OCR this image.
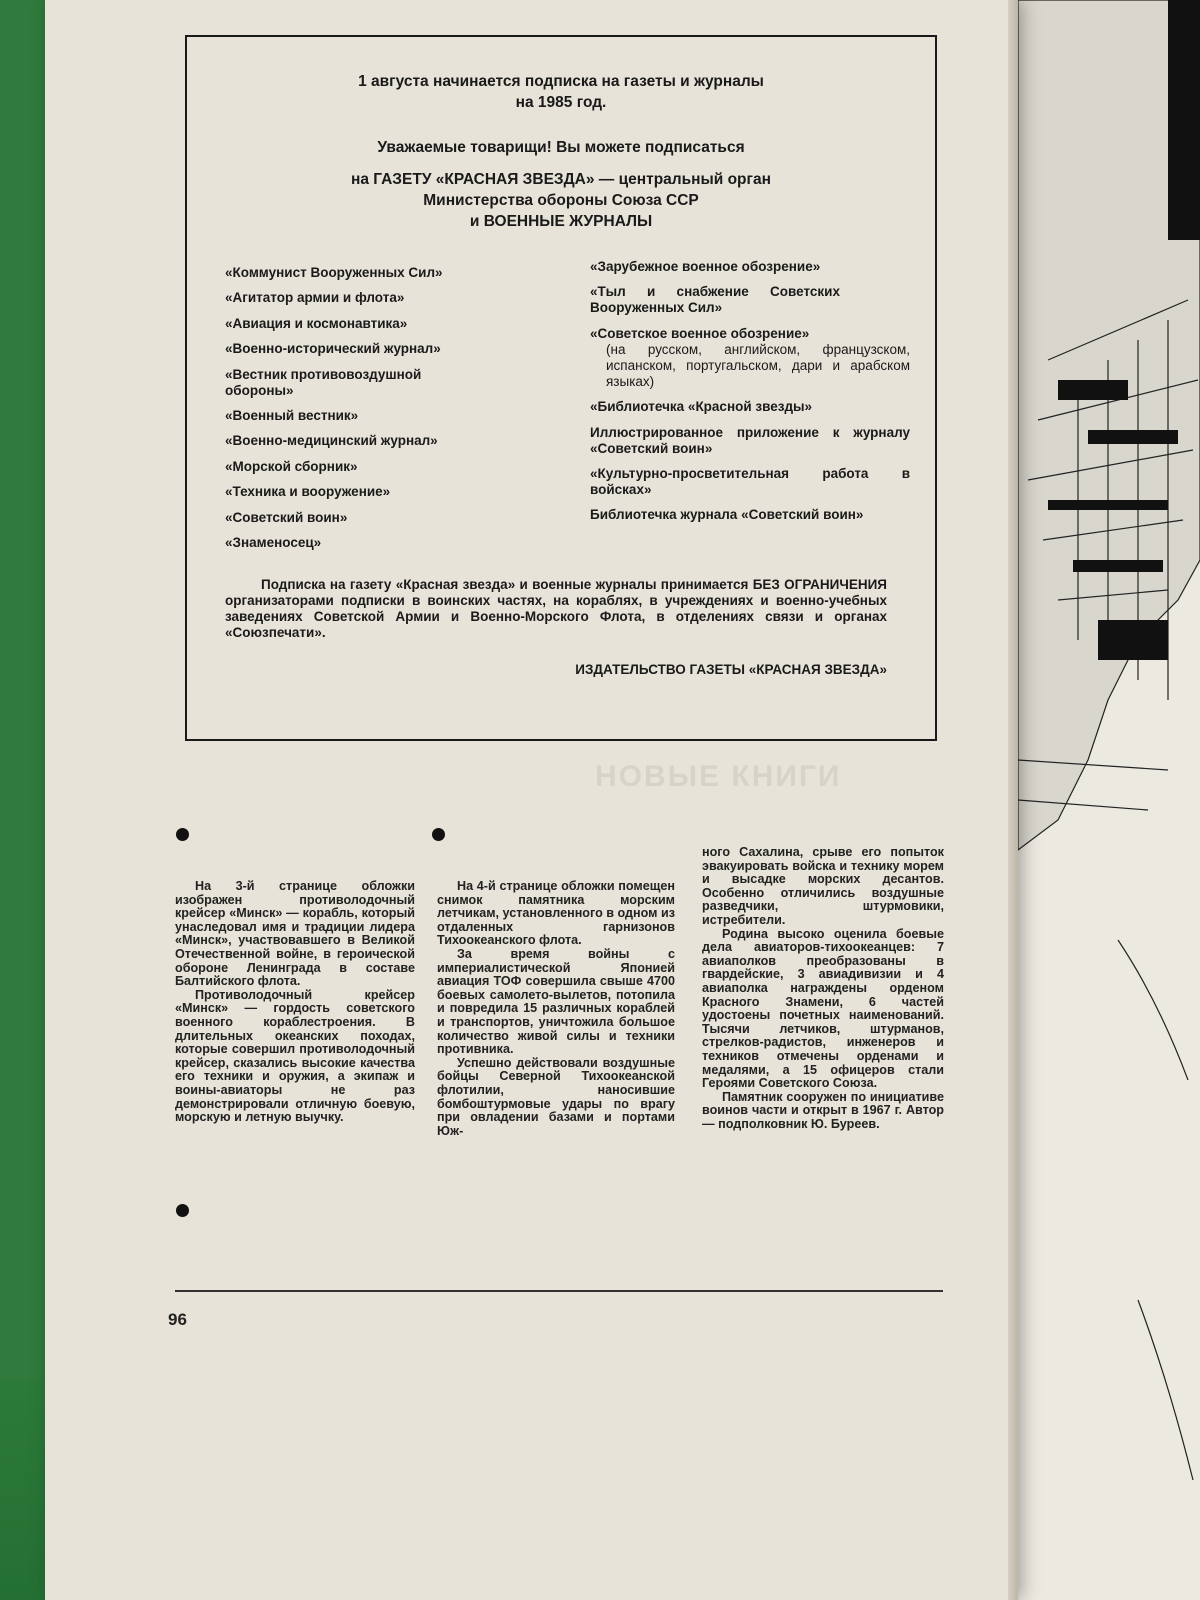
1 августа начинается подписка на газеты и журналы
на 1985 год.
Уважаемые товарищи! Вы можете подписаться
на ГАЗЕТУ «КРАСНАЯ ЗВЕЗДА» — центральный орган
Министерства обороны Союза ССР
и ВОЕННЫЕ ЖУРНАЛЫ
«Коммунист Вооруженных Сил»
«Агитатор армии и флота»
«Авиация и космонавтика»
«Военно-исторический журнал»
«Вестник противовоздушной обороны»
«Военный вестник»
«Военно-медицинский журнал»
«Морской сборник»
«Техника и вооружение»
«Советский воин»
«Знаменосец»
«Зарубежное военное обозрение»
«Тыл и снабжение Советских Вооруженных Сил»
«Советское военное обозрение»
(на русском, английском, французском, испанском, португальском, дари и арабском языках)
«Библиотечка «Красной звезды»
Иллюстрированное приложение к журналу «Советский воин»
«Культурно-просветительная работа в войсках»
Библиотечка журнала «Советский воин»
Подписка на газету «Красная звезда» и военные журналы принимается БЕЗ ОГРАНИЧЕНИЯ организаторами подписки в воинских частях, на кораблях, в учреждениях и военно-учебных заведениях Советской Армии и Военно-Морского Флота, в отделениях связи и органах «Союзпечати».
ИЗДАТЕЛЬСТВО ГАЗЕТЫ «КРАСНАЯ ЗВЕЗДА»
НОВЫЕ КНИГИ

На 3-й странице обложки изображен противолодочный крейсер «Минск» — корабль, который унаследовал имя и традиции лидера «Минск», участвовавшего в Великой Отечественной войне, в героической обороне Ленинграда в составе Балтийского флота.

Противолодочный крейсер «Минск» — гордость советского военного кораблестроения. В длительных океанских походах, которые совершил противолодочный крейсер, сказались высокие качества его техники и оружия, а экипаж и воины-авиаторы не раз демонстрировали отличную боевую, морскую и летную выучку.

На 4-й странице обложки помещен снимок памятника морским летчикам, установленного в одном из отдаленных гарнизонов Тихоокеанского флота.

За время войны с империалистической Японией авиация ТОФ совершила свыше 4700 боевых самолето-вылетов, потопила и повредила 15 различных кораблей и транспортов, уничтожила большое количество живой силы и техники противника.

Успешно действовали воздушные бойцы Северной Тихоокеанской флотилии, наносившие бомбоштурмовые удары по врагу при овладении базами и портами Юж-

ного Сахалина, срыве его попыток эвакуировать войска и технику морем и высадке морских десантов. Особенно отличились воздушные разведчики, штурмовики, истребители.

Родина высоко оценила боевые дела авиаторов-тихоокеанцев: 7 авиаполков преобразованы в гвардейские, 3 авиадивизии и 4 авиаполка награждены орденом Красного Знамени, 6 частей удостоены почетных наименований. Тысячи летчиков, штурманов, стрелков-радистов, инженеров и техников отмечены орденами и медалями, а 15 офицеров стали Героями Советского Союза.

Памятник сооружен по инициативе воинов части и открыт в 1967 г. Автор — подполковник Ю. Буреев.

96
